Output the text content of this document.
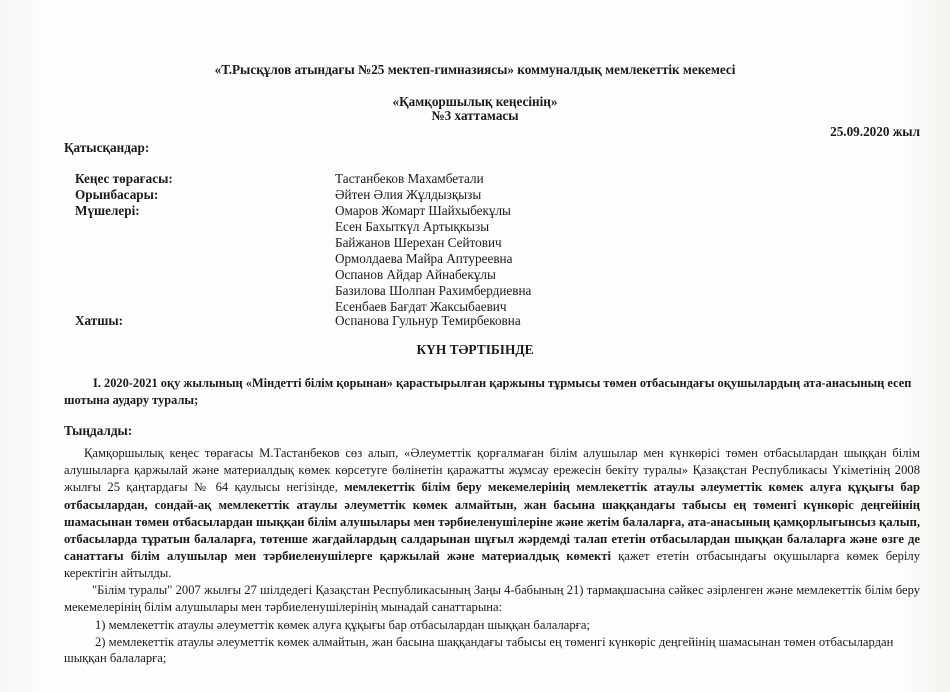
«Т.Рысқұлов атындағы №25 мектеп-гимназиясы» коммуналдық мемлекеттік мекемесі
«Қамқоршылық кеңесінің»
№3 хаттамасы
25.09.2020 жыл
Қатысқандар:
Кеңес төрағасы:	Тастанбеков Махамбетали
Орынбасары:	Әйтен Әлия Жұлдызқызы
Мүшелері:	Омаров Жомарт Шайхыбекұлы
Есен Бахыткүл Артықкызы
Байжанов Шерехан Сейтович
Ормолдаева Майра Аптуреевна
Оспанов Айдар Айнабекұлы
Базилова Шолпан Рахимбердиевна
Есенбаев Бағдат Жаксыбаевич
Хатшы:	Оспанова Гульнур Темирбековна
КҮН ТӘРТІБІНДЕ
I. 2020-2021 оқу жылының «Міндетті білім қорынан» қарастырылған қаржыны тұрмысы төмен отбасындағы оқушылардың ата-анасының есеп
шотына аудару туралы;
Тыңдалды:
Қамқоршылық кеңес төрағасы М.Тастанбеков сөз алып, «Әлеуметтік қорғалмаған білім алушылар мен күнкөрісі төмен отбасылардан шыққан білім алушыларға қаржылай және материалдық көмек көрсетуге бөлінетін қаражатты жұмсау ережесін бекіту туралы» Қазақстан Республикасы Үкіметінің 2008 жылғы 25 қаңтардағы № 64 қаулысы негізінде, мемлекеттік білім беру мекемелерінің мемлекеттік атаулы әлеуметтік көмек алуға құқығы бар отбасылардан, сондай-ақ мемлекеттік атаулы әлеуметтік көмек алмайтын, жан басына шаққандағы табысы ең төменгі күнкөріс деңгейінің шамасынан төмен отбасылардан шыққан білім алушылары мен тәрбиеленушілеріне және жетім балаларға, ата-анасының қамқорлығынсыз қалып, отбасыларда тұратын балаларға, төтенше жағдайлардың салдарынан шұғыл жәрдемді талап ететін отбасылардан шыққан балаларға және өзге де санаттағы білім алушылар мен тәрбиеленушілерге қаржылай және материалдық көмекті қажет ететін отбасындағы оқушыларға көмек берілу керектігін айтылды.
"Білім туралы" 2007 жылғы 27 шілдедегі Қазақстан Республикасының Заңы 4-бабының 21) тармақшасына сәйкес әзірленген және мемлекеттік білім беру мекемелерінің білім алушылары мен тәрбиеленушілерінің мынадай санаттарына:
1) мемлекеттік атаулы әлеуметтік көмек алуға құқығы бар отбасылардан шыққан балаларға;
2) мемлекеттік атаулы әлеуметтік көмек алмайтын, жан басына шаққандағы табысы ең төменгі күнкөріс деңгейінің шамасынан төмен отбасылардан
шыққан балаларға;
